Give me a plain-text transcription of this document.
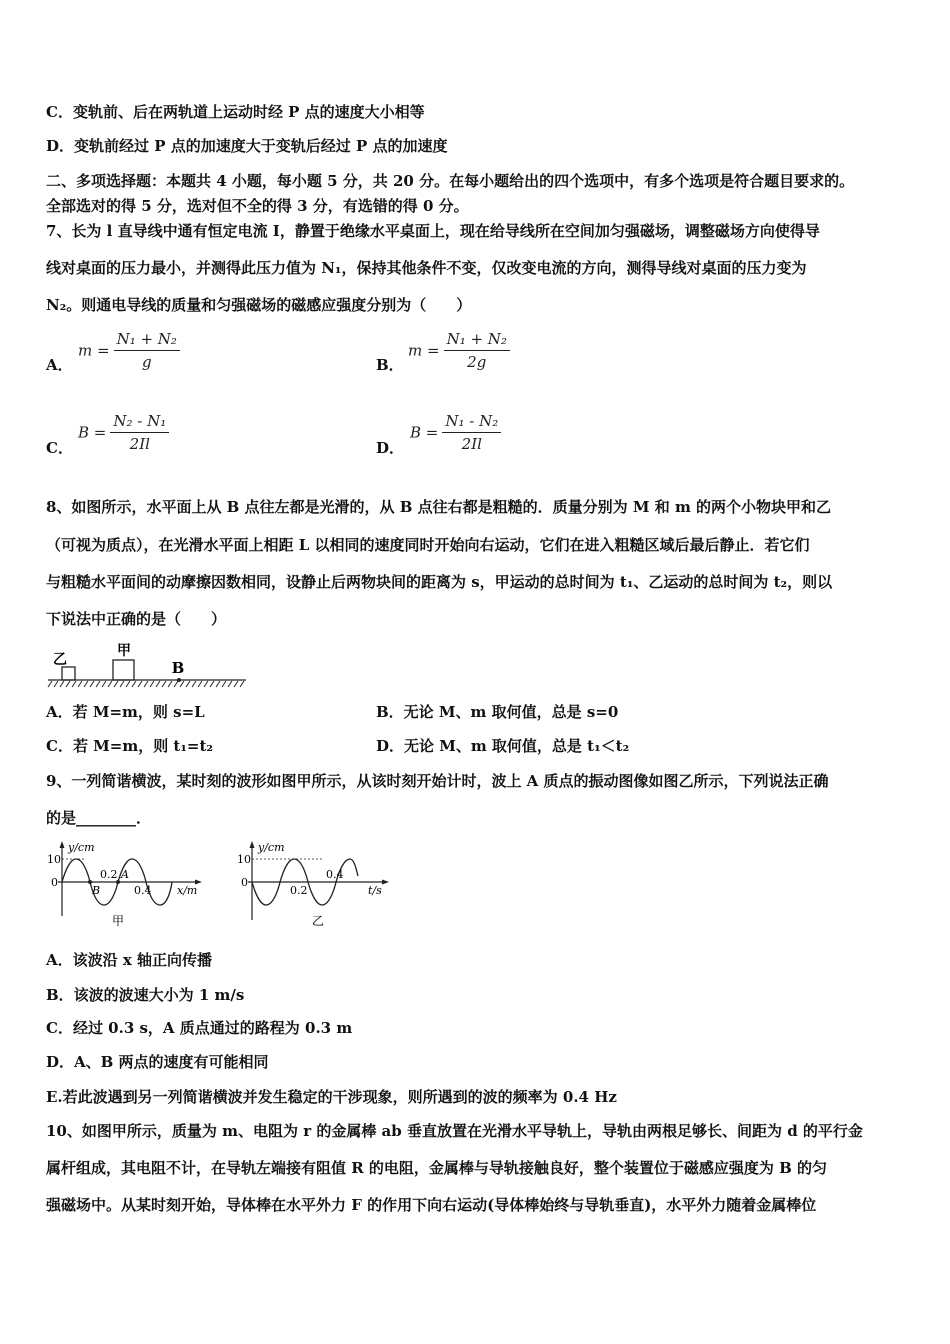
C．变轨前、后在两轨道上运动时经 P 点的速度大小相等
D．变轨前经过 P 点的加速度大于变轨后经过 P 点的加速度
二、多项选择题：本题共 4 小题，每小题 5 分，共 20 分。在每小题给出的四个选项中，有多个选项是符合题目要求的。
全部选对的得 5 分，选对但不全的得 3 分，有选错的得 0 分。
7、长为 l 直导线中通有恒定电流 I，静置于绝缘水平桌面上，现在给导线所在空间加匀强磁场，调整磁场方向使得导
线对桌面的压力最小，并测得此压力值为 N₁，保持其他条件不变，仅改变电流的方向，测得导线对桌面的压力变为
N₂。则通电导线的质量和匀强磁场的磁感应强度分别为（　　）
A．
$m = \frac{\text{N₁ + N₂}}{g}$	B．
$m = \frac{\text{N₁ + N₂}}{2g}$
C．
$B = \frac{\text{N₂ - N₁}}{2Il}$	D．
$B = \frac{\text{N₁ - N₂}}{2Il}$
8、如图所示，水平面上从 B 点往左都是光滑的，从 B 点往右都是粗糙的．质量分别为 M 和 m 的两个小物块甲和乙
（可视为质点），在光滑水平面上相距 L 以相同的速度同时开始向右运动，它们在进入粗糙区域后最后静止．若它们
与粗糙水平面间的动摩擦因数相同，设静止后两物块间的距离为 s，甲运动的总时间为 t₁、乙运动的总时间为 t₂，则以
下说法中正确的是（　　）
乙
甲
B
A．若 M=m，则 s=L	B．无论 M、m 取何值，总是 s=0
C．若 M=m，则 t₁=t₂	D．无论 M、m 取何值，总是 t₁＜t₂
9、一列简谐横波，某时刻的波形如图甲所示，从该时刻开始计时，波上 A 质点的振动图像如图乙所示，下列说法正确
的是________．
y/cm
10
0
B
A
0.2
0.4 x/m
甲
y/cm
10
0
0.2
0.4
t/s
乙
A．该波沿 x 轴正向传播
B．该波的波速大小为 1 m/s
C．经过 0.3 s，A 质点通过的路程为 0.3 m
D．A、B 两点的速度有可能相同
E.若此波遇到另一列简谐横波并发生稳定的干涉现象，则所遇到的波的频率为 0.4 Hz
10、如图甲所示，质量为 m、电阻为 r 的金属棒 ab 垂直放置在光滑水平导轨上，导轨由两根足够长、间距为 d 的平行金
属杆组成，其电阻不计，在导轨左端接有阻值 R 的电阻，金属棒与导轨接触良好，整个装置位于磁感应强度为 B 的匀
强磁场中。从某时刻开始，导体棒在水平外力 F 的作用下向右运动(导体棒始终与导轨垂直)，水平外力随着金属棒位
